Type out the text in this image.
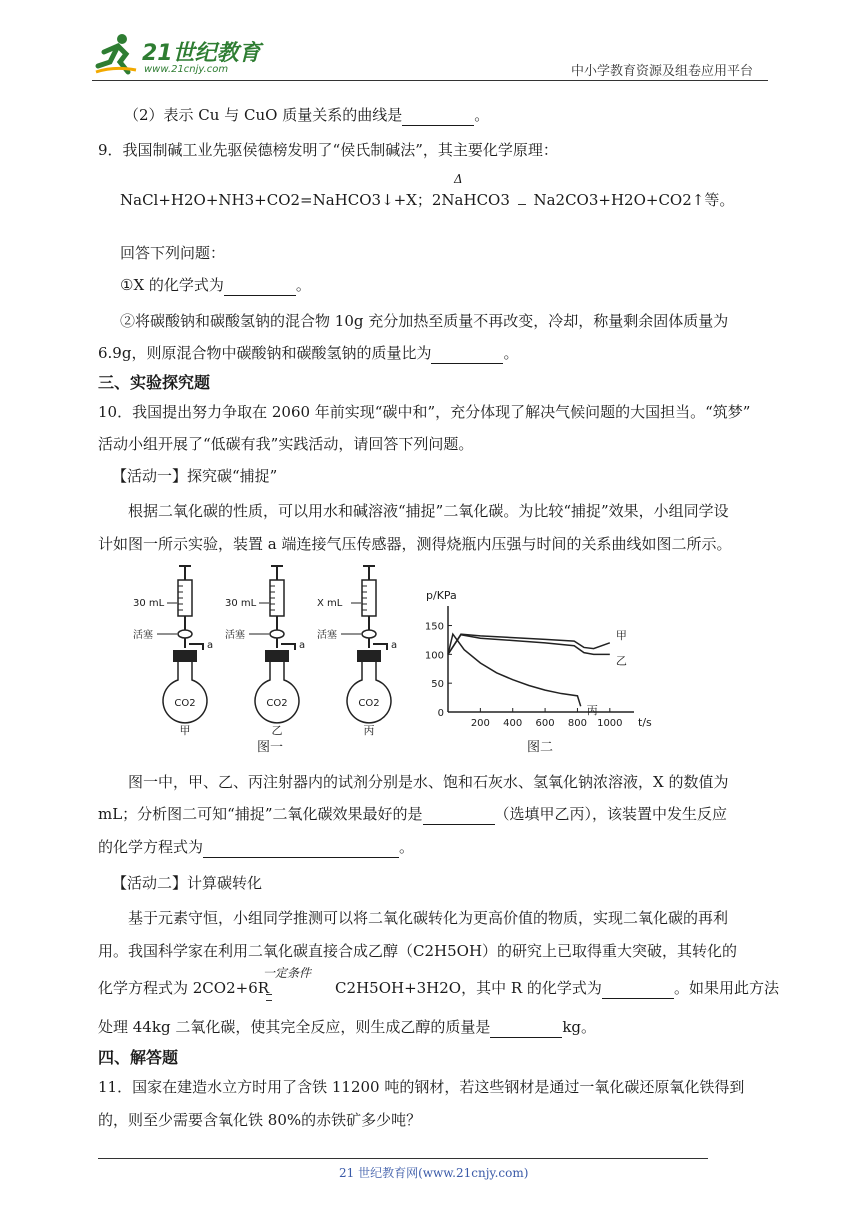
21世纪教育
www.21cnjy.com	中小学教育资源及组卷应用平台
（2）表示 Cu 与 CuO 质量关系的曲线是	。
9．我国制碱工业先驱侯德榜发明了“侯氏制碱法”，其主要化学原理：
Δ
NaCl+H2O+NH3+CO2=NaHCO3↓+X；2NaHCO3 Na2CO3+H2O+CO2↑等。
回答下列问题：
①X 的化学式为	。
②将碳酸钠和碳酸氢钠的混合物 10g 充分加热至质量不再改变，冷却，称量剩余固体质量为
6.9g，则原混合物中碳酸钠和碳酸氢钠的质量比为	。
三、实验探究题
10．我国提出努力争取在 2060 年前实现“碳中和”，充分体现了解决气候问题的大国担当。“筑梦”
活动小组开展了“低碳有我”实践活动，请回答下列问题。
【活动一】探究碳“捕捉”
根据二氧化碳的性质，可以用水和碱溶液“捕捉”二氧化碳。为比较“捕捉”效果，小组同学设
计如图一所示实验，装置 a 端连接气压传感器，测得烧瓶内压强与时间的关系曲线如图二所示。
30 mL
活塞
a
CO2
甲
30 mL
活塞
a
CO2
乙
X mL
活塞
a
CO2
丙
图一
p/KPa
t/s
0
50
100
150
200 400 600 800 1000
甲
乙
丙
图二
图一中，甲、乙、丙注射器内的试剂分别是水、饱和石灰水、氢氧化钠浓溶液，X 的数值为
mL；分析图二可知“捕捉”二氧化碳效果最好的是	（选填甲乙丙），该装置中发生反应
的化学方程式为	。
【活动二】计算碳转化
基于元素守恒，小组同学推测可以将二氧化碳转化为更高价值的物质，实现二氧化碳的再利
用。我国科学家在利用二氧化碳直接合成乙醇（C2H5OH）的研究上已取得重大突破，其转化的
一定条件
化学方程式为 2CO2+6R	C2H5OH+3H2O，其中 R 的化学式为	。如果用此方法
处理 44kg 二氧化碳，使其完全反应，则生成乙醇的质量是	kg。
四、解答题
11．国家在建造水立方时用了含铁 11200 吨的钢材，若这些钢材是通过一氧化碳还原氧化铁得到
的，则至少需要含氧化铁 80%的赤铁矿多少吨？
21 世纪教育网(www.21cnjy.com)
